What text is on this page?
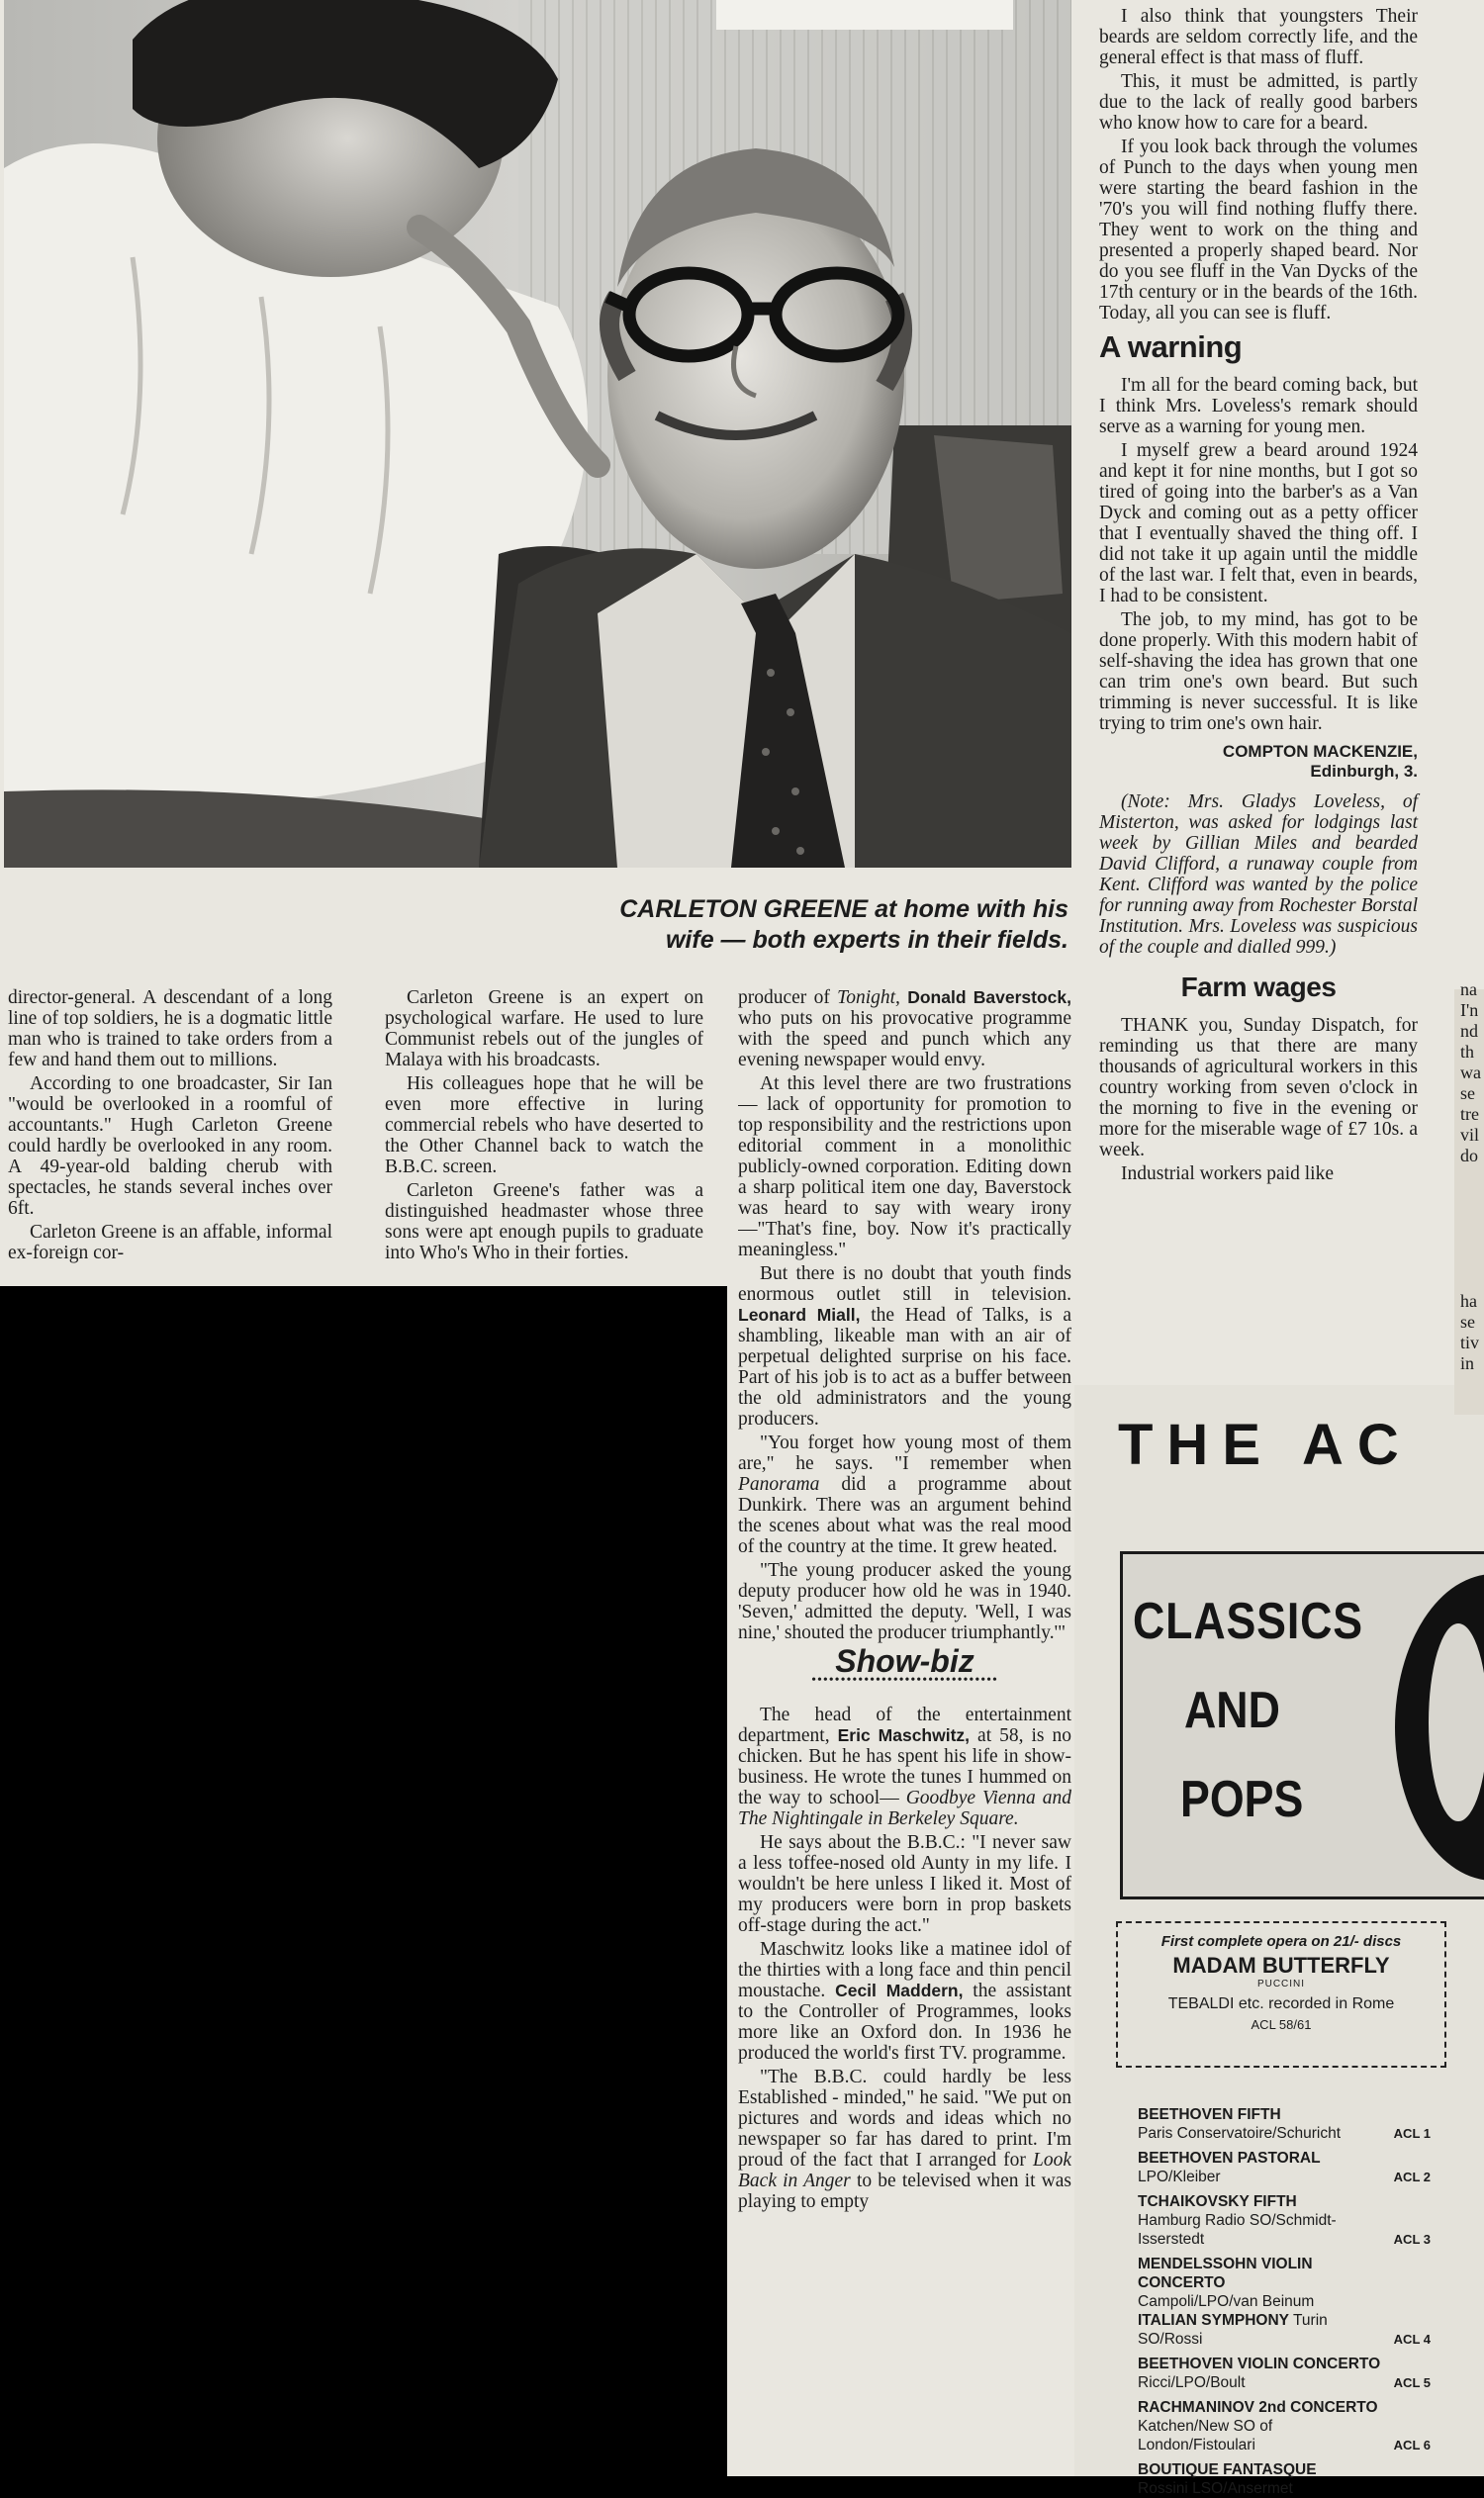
CARLETON GREENE at home with his
wife — both experts in their fields.

I also think that youngsters Their beards are seldom correctly life, and the general effect is that mass of fluff.

This, it must be admitted, is partly due to the lack of really good barbers who know how to care for a beard.

If you look back through the volumes of Punch to the days when young men were starting the beard fashion in the '70's you will find nothing fluffy there. They went to work on the thing and presented a properly shaped beard. Nor do you see fluff in the Van Dycks of the 17th century or in the beards of the 16th. Today, all you can see is fluff.

A warning

I'm all for the beard coming back, but I think Mrs. Loveless's remark should serve as a warning for young men.

I myself grew a beard around 1924 and kept it for nine months, but I got so tired of going into the barber's as a Van Dyck and coming out as a petty officer that I eventually shaved the thing off. I did not take it up again until the middle of the last war. I felt that, even in beards, I had to be consistent.

The job, to my mind, has got to be done properly. With this modern habit of self-shaving the idea has grown that one can trim one's own beard. But such trimming is never successful. It is like trying to trim one's own hair.

COMPTON MACKENZIE,
Edinburgh, 3.

(Note: Mrs. Gladys Loveless, of Misterton, was asked for lodgings last week by Gillian Miles and bearded David Clifford, a runaway couple from Kent. Clifford was wanted by the police for running away from Rochester Borstal Institution. Mrs. Loveless was suspicious of the couple and dialled 999.)

Farm wages

THANK you, Sunday Dispatch, for reminding us that there are many thousands of agricultural workers in this country working from seven o'clock in the morning to five in the evening or more for the miserable wage of £7 10s. a week.

Industrial workers paid like

na
I'n
nd
th
wa
se
tre
vil
do
ha
se
tiv
in

director-general. A descendant of a long line of top soldiers, he is a dogmatic little man who is trained to take orders from a few and hand them out to millions.

According to one broadcaster, Sir Ian "would be overlooked in a roomful of accountants." Hugh Carleton Greene could hardly be overlooked in any room. A 49-year-old balding cherub with spectacles, he stands several inches over 6ft.

Carleton Greene is an affable, informal ex-foreign cor-

Carleton Greene is an expert on psychological warfare. He used to lure Communist rebels out of the jungles of Malaya with his broadcasts.

His colleagues hope that he will be even more effective in luring commercial rebels who have deserted to the Other Channel back to watch the B.B.C. screen.

Carleton Greene's father was a distinguished headmaster whose three sons were apt enough pupils to graduate into Who's Who in their forties.

producer of Tonight, Donald Baverstock, who puts on his provocative programme with the speed and punch which any evening newspaper would envy.

At this level there are two frustrations — lack of opportunity for promotion to top responsibility and the restrictions upon editorial comment in a monolithic publicly-owned corporation. Editing down a sharp political item one day, Baverstock was heard to say with weary irony—"That's fine, boy. Now it's practically meaningless."

But there is no doubt that youth finds enormous outlet still in television. Leonard Miall, the Head of Talks, is a shambling, likeable man with an air of perpetual delighted surprise on his face. Part of his job is to act as a buffer between the old administrators and the young producers.

"You forget how young most of them are," he says. "I remember when Panorama did a programme about Dunkirk. There was an argument behind the scenes about what was the real mood of the country at the time. It grew heated.

"The young producer asked the young deputy producer how old he was in 1940. 'Seven,' admitted the deputy. 'Well, I was nine,' shouted the producer triumphantly.'"

Show-biz
••••••••••••••••••••••••••••••••

The head of the entertainment department, Eric Maschwitz, at 58, is no chicken. But he has spent his life in show-business. He wrote the tunes I hummed on the way to school— Goodbye Vienna and The Nightingale in Berkeley Square.

He says about the B.B.C.: "I never saw a less toffee-nosed old Aunty in my life. I wouldn't be here unless I liked it. Most of my producers were born in prop baskets off-stage during the act."

Maschwitz looks like a matinee idol of the thirties with a long face and thin pencil moustache. Cecil Maddern, the assistant to the Controller of Programmes, looks more like an Oxford don. In 1936 he produced the world's first TV. programme.

"The B.B.C. could hardly be less Established - minded," he said. "We put on pictures and words and ideas which no newspaper so far has dared to print. I'm proud of the fact that I arranged for Look Back in Anger to be televised when it was playing to empty

THE AC
CLASSICS
AND
POPS
First complete opera on 21/- discs
MADAM BUTTERFLY
PUCCINI
TEBALDI etc. recorded in Rome
ACL 58/61
BEETHOVEN FIFTH
Paris Conservatoire/Schuricht	ACL 1
BEETHOVEN PASTORAL
LPO/Kleiber	ACL 2
TCHAIKOVSKY FIFTH
Hamburg Radio SO/Schmidt-Isserstedt	ACL 3
MENDELSSOHN VIOLIN CONCERTO
Campoli/LPO/van Beinum
ITALIAN SYMPHONY Turin SO/Rossi	ACL 4
BEETHOVEN VIOLIN CONCERTO
Ricci/LPO/Boult	ACL 5
RACHMANINOV 2nd CONCERTO
Katchen/New SO of London/Fistoulari	ACL 6
BOUTIQUE FANTASQUE
Rossini LSO/Ansermet
